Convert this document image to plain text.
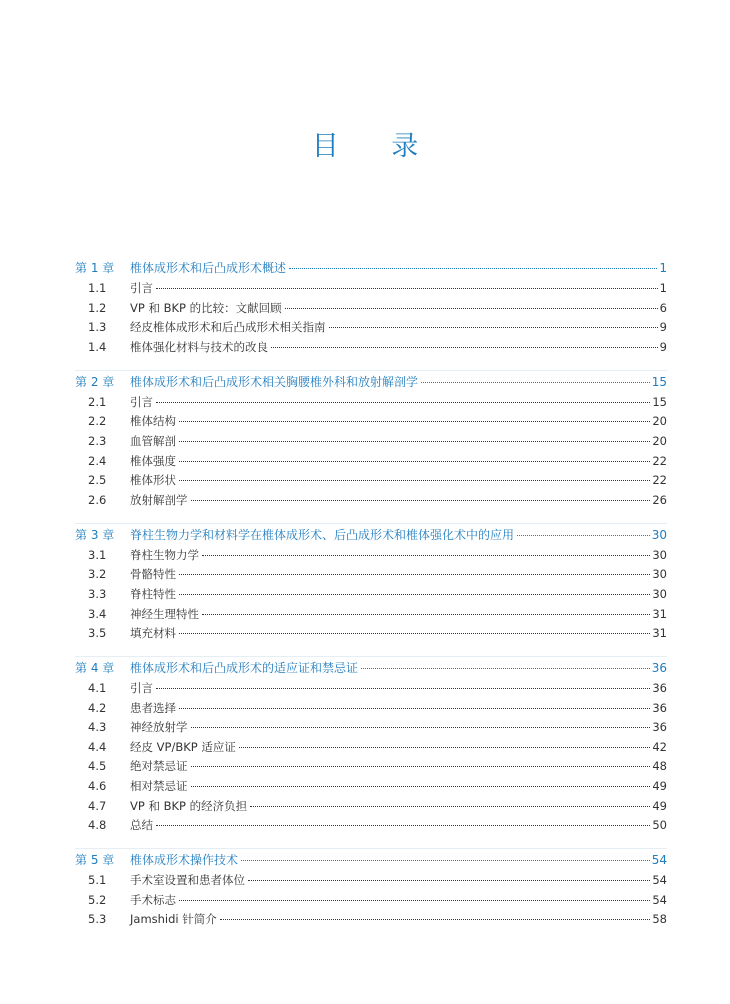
目 录
第 1 章	椎体成形术和后凸成形术概述	1
1.1	引言	1
1.2	VP 和 BKP 的比较：文献回顾	6
1.3	经皮椎体成形术和后凸成形术相关指南	9
1.4	椎体强化材料与技术的改良	9
第 2 章	椎体成形术和后凸成形术相关胸腰椎外科和放射解剖学	15
2.1	引言	15
2.2	椎体结构	20
2.3	血管解剖	20
2.4	椎体强度	22
2.5	椎体形状	22
2.6	放射解剖学	26
第 3 章	脊柱生物力学和材料学在椎体成形术、后凸成形术和椎体强化术中的应用	30
3.1	脊柱生物力学	30
3.2	骨骼特性	30
3.3	脊柱特性	30
3.4	神经生理特性	31
3.5	填充材料	31
第 4 章	椎体成形术和后凸成形术的适应证和禁忌证	36
4.1	引言	36
4.2	患者选择	36
4.3	神经放射学	36
4.4	经皮 VP/BKP 适应证	42
4.5	绝对禁忌证	48
4.6	相对禁忌证	49
4.7	VP 和 BKP 的经济负担	49
4.8	总结	50
第 5 章	椎体成形术操作技术	54
5.1	手术室设置和患者体位	54
5.2	手术标志	54
5.3	Jamshidi 针简介	58
